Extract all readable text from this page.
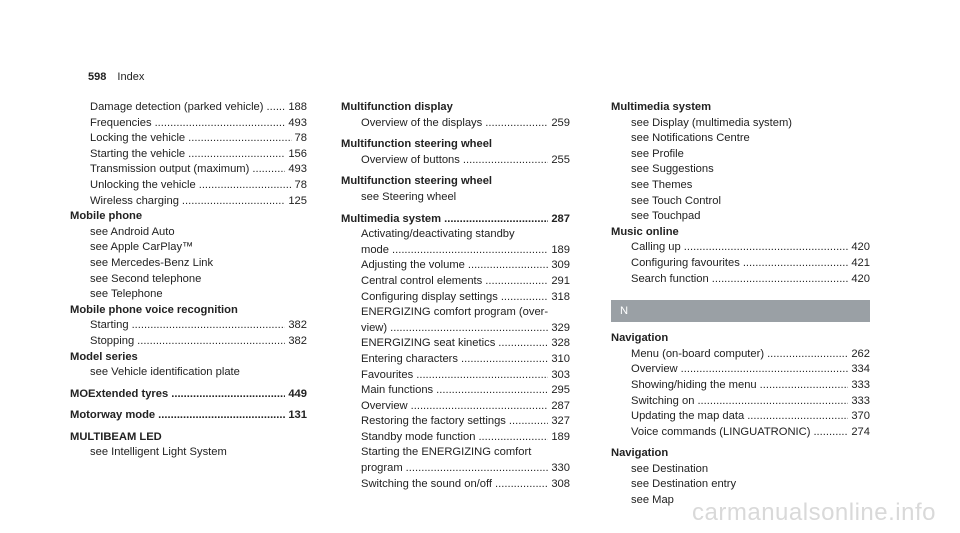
598 Index
Damage detection (parked vehicle) ..... 188
Frequencies .....	493
Locking the vehicle .....	78
Starting the vehicle .....	156
Transmission output (maximum) .....	493
Unlocking the vehicle .....	78
Wireless charging .....	125
Mobile phone
see Android Auto
see Apple CarPlay™
see Mercedes-Benz Link
see Second telephone
see Telephone
Mobile phone voice recognition
Starting .....	382
Stopping .....	382
Model series
see Vehicle identification plate
MOExtended tyres .....	449
Motorway mode .....	131
MULTIBEAM LED
see Intelligent Light System
Multifunction display
Overview of the displays .....	259
Multifunction steering wheel
Overview of buttons .....	255
Multifunction steering wheel
see Steering wheel
Multimedia system .....	287
Activating/deactivating standby
mode .....	189
Adjusting the volume .....	309
Central control elements .....	291
Configuring display settings .....	318
ENERGIZING comfort program (over-
view) .....	329
ENERGIZING seat kinetics .....	328
Entering characters .....	310
Favourites .....	303
Main functions .....	295
Overview .....	287
Restoring the factory settings .....	327
Standby mode function .....	189
Starting the ENERGIZING comfort
program .....	330
Switching the sound on/off .....	308
Multimedia system
see Display (multimedia system)
see Notifications Centre
see Profile
see Suggestions
see Themes
see Touch Control
see Touchpad
Music online
Calling up .....	420
Configuring favourites .....	421
Search function .....	420
N
Navigation
Menu (on-board computer) .....	262
Overview .....	334
Showing/hiding the menu .....	333
Switching on .....	333
Updating the map data .....	370
Voice commands (LINGUATRONIC) .....	274
Navigation
see Destination
see Destination entry
see Map carmanualsonline.info
